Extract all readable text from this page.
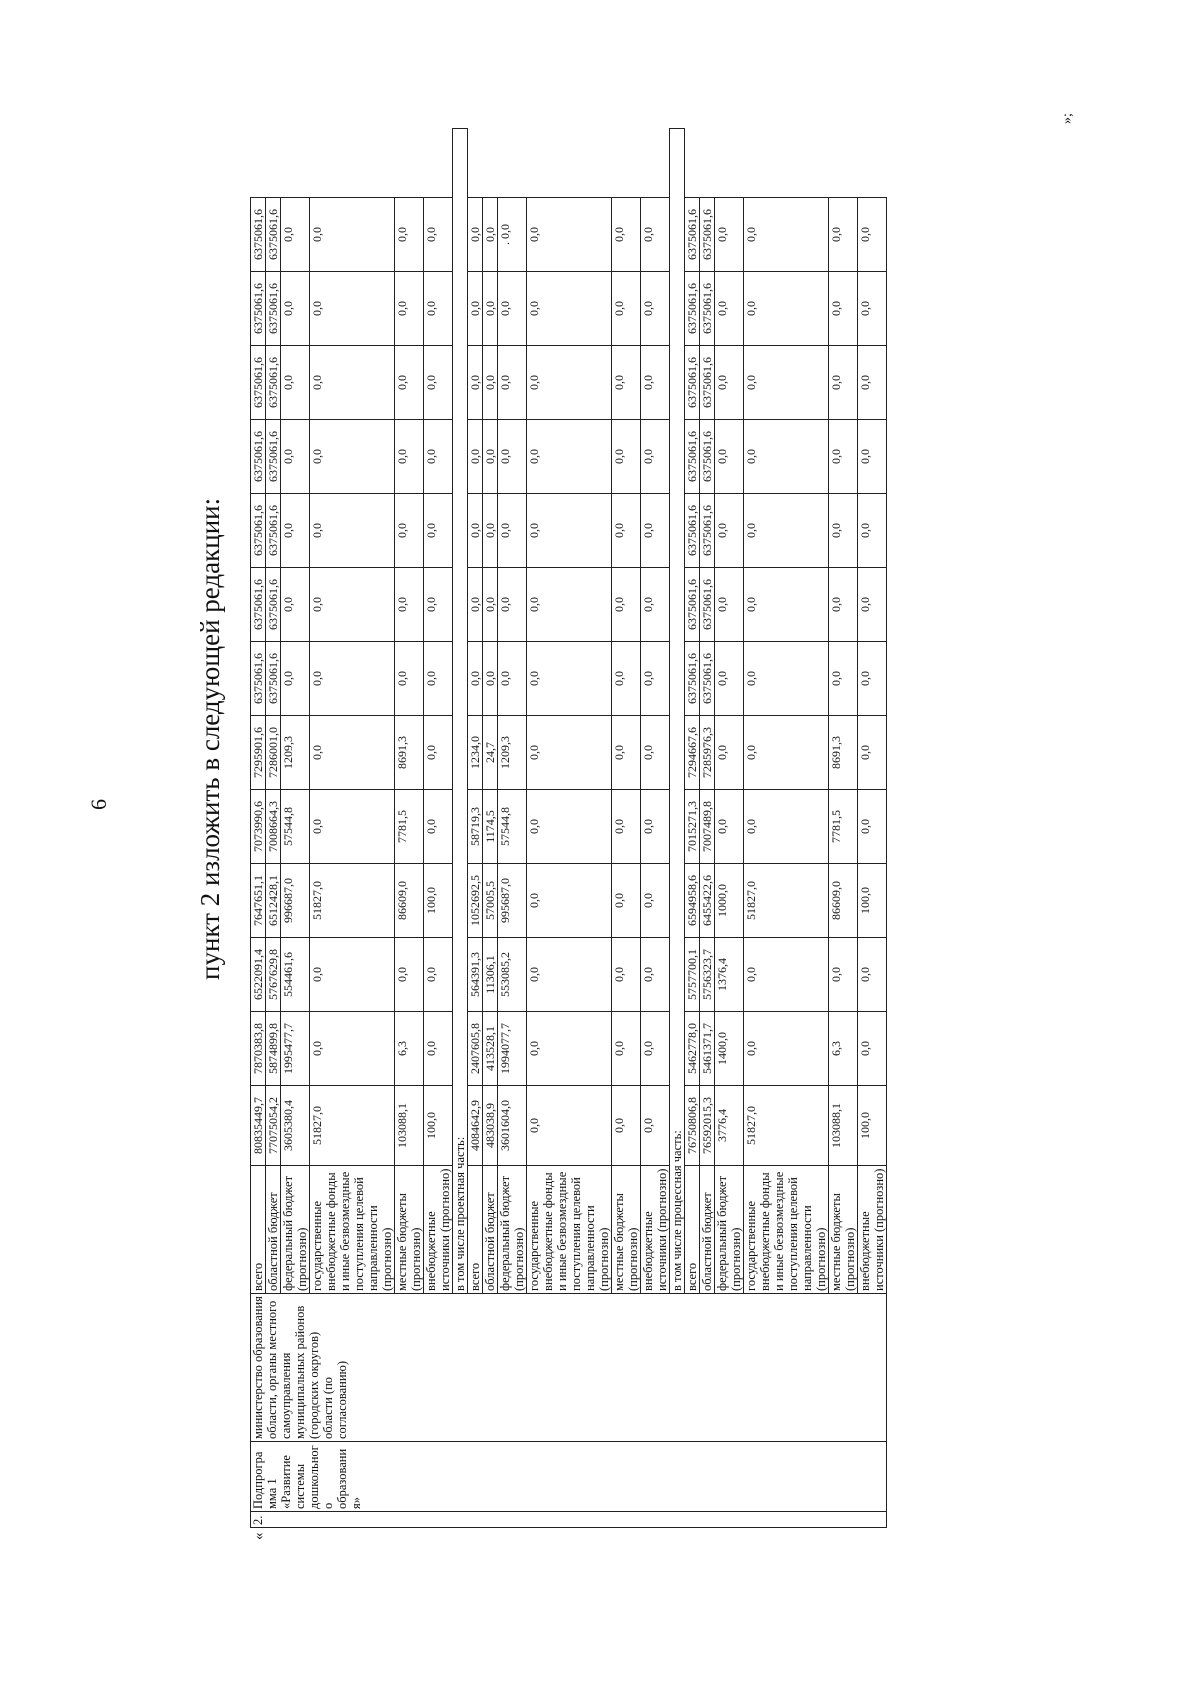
6	пункт 2 изложить в следующей редакции:
«
»;
2.	Подпрограмма 1 «Развитие системы дошкольного образования»	министерство образования области, органы местного самоуправления муниципальных районов (городских округов) области (по согласованию)	всего	80835449,7	7870383,8	6522091,4	7647651,1	7073990,6	7295901,6	6375061,6	6375061,6	6375061,6	6375061,6	6375061,6	6375061,6	6375061,6
			областной бюджет	77075054,2	5874899,8	5767629,8	6512428,1	7008664,3	7286001,0	6375061,6	6375061,6	6375061,6	6375061,6	6375061,6	6375061,6	6375061,6
			федеральный бюджет (прогнозно)	3605380,4	1995477,7	554461,6	996687,0	57544,8	1209,3	0,0	0,0	0,0	0,0	0,0	0,0	0,0
			государственные внебюджетные фонды и иные безвозмездные поступления целевой направленности (прогнозно)	51827,0	0,0	0,0	51827,0	0,0	0,0	0,0	0,0	0,0	0,0	0,0	0,0	0,0
			местные бюджеты (прогнозно)	103088,1	6,3	0,0	86609,0	7781,5	8691,3	0,0	0,0	0,0	0,0	0,0	0,0	0,0
			внебюджетные источники (прогнозно)	100,0	0,0	0,0	100,0	0,0	0,0	0,0	0,0	0,0	0,0	0,0	0,0	0,0
			в том числе проектная часть:													
			всего	4084642,9	2407605,8	564391,3	1052692,5	58719,3	1234,0	0,0	0,0	0,0	0,0	0,0	0,0	0,0
			областной бюджет	483038,9	413528,1	11306,1	57005,5	1174,5	24,7	0,0	0,0	0,0	0,0	0,0	0,0	0,0
			федеральный бюджет (прогнозно)	3601604,0	1994077,7	553085,2	995687,0	57544,8	1209,3	0,0	0,0	0,0	0,0	0,0	0,0	. 0,0
			государственные внебюджетные фонды и иные безвозмездные поступления целевой направленности (прогнозно)	0,0	0,0	0,0	0,0	0,0	0,0	0,0	0,0	0,0	0,0	0,0	0,0	0,0
			местные бюджеты (прогнозно)	0,0	0,0	0,0	0,0	0,0	0,0	0,0	0,0	0,0	0,0	0,0	0,0	0,0
			внебюджетные источники (прогнозно)	0,0	0,0	0,0	0,0	0,0	0,0	0,0	0,0	0,0	0,0	0,0	0,0	0,0
			в том числе процессная часть:													
			всего	76750806,8	5462778,0	5757700,1	6594958,6	7015271,3	7294667,6	6375061,6	6375061,6	6375061,6	6375061,6	6375061,6	6375061,6	6375061,6
			областной бюджет	76592015,3	5461371,7	5756323,7	6455422,6	7007489,8	7285976,3	6375061,6	6375061,6	6375061,6	6375061,6	6375061,6	6375061,6	6375061,6
			федеральный бюджет (прогнозно)	3776,4	1400,0	1376,4	1000,0	0,0	0,0	0,0	0,0	0,0	0,0	0,0	0,0	0,0
			государственные внебюджетные фонды и иные безвозмездные поступления целевой направленности (прогнозно)	51827,0	0,0	0,0	51827,0	0,0	0,0	0,0	0,0	0,0	0,0	0,0	0,0	0,0
			местные бюджеты (прогнозно)	103088,1	6,3	0,0	86609,0	7781,5	8691,3	0,0	0,0	0,0	0,0	0,0	0,0	0,0
			внебюджетные источники (прогнозно)	100,0	0,0	0,0	100,0	0,0	0,0	0,0	0,0	0,0	0,0	0,0	0,0	0,0
